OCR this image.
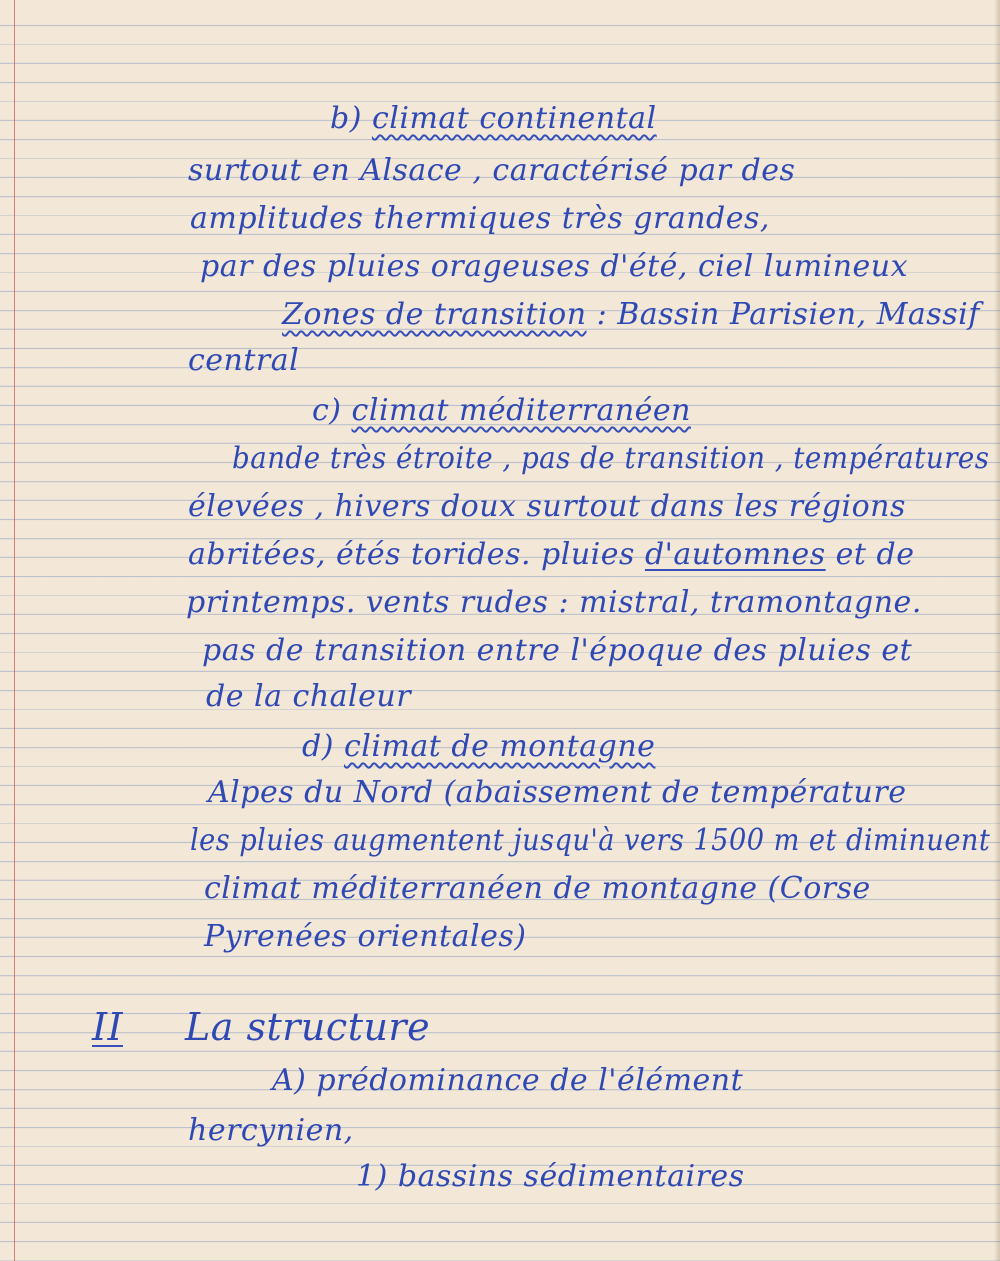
b) climat continental
surtout en Alsace , caractérisé par des
amplitudes thermiques très grandes,
par des pluies orageuses d'été, ciel lumineux
Zones de transition : Bassin Parisien, Massif
central
c) climat méditerranéen
bande très étroite , pas de transition , températures
élevées , hivers doux surtout dans les régions
abritées, étés torides. pluies d'automnes et de
printemps. vents rudes : mistral, tramontagne.
pas de transition entre l'époque des pluies et
de la chaleur
d) climat de montagne
Alpes du Nord (abaissement de température
les pluies augmentent jusqu'à vers 1500 m et diminuent
climat méditerranéen de montagne (Corse
Pyrenées orientales)
II La structure
A) prédominance de l'élément
hercynien,
1) bassins sédimentaires
